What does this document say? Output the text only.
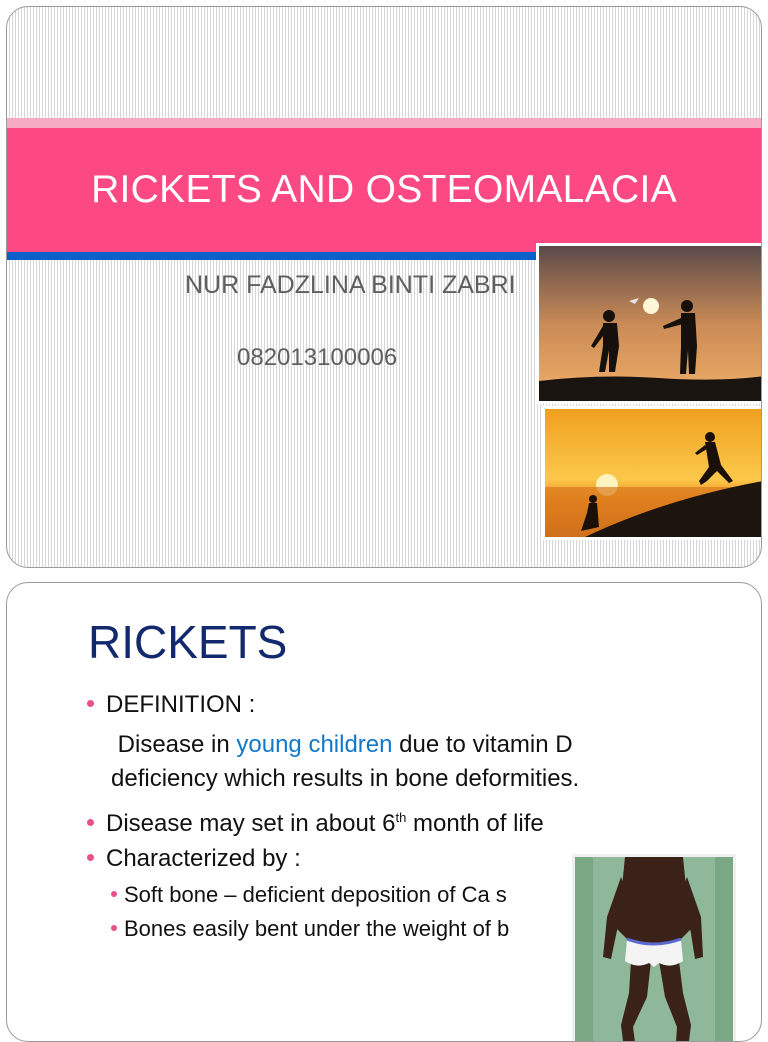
RICKETS AND OSTEOMALACIA
NUR FADZLINA BINTI ZABRI
082013100006
RICKETS
DEFINITION :
Disease in young children due to vitamin D
deficiency which results in bone deformities.
Disease may set in about 6th month of life
Characterized by :
Soft bone – deficient deposition of Ca s
Bones easily bent under the weight of b
